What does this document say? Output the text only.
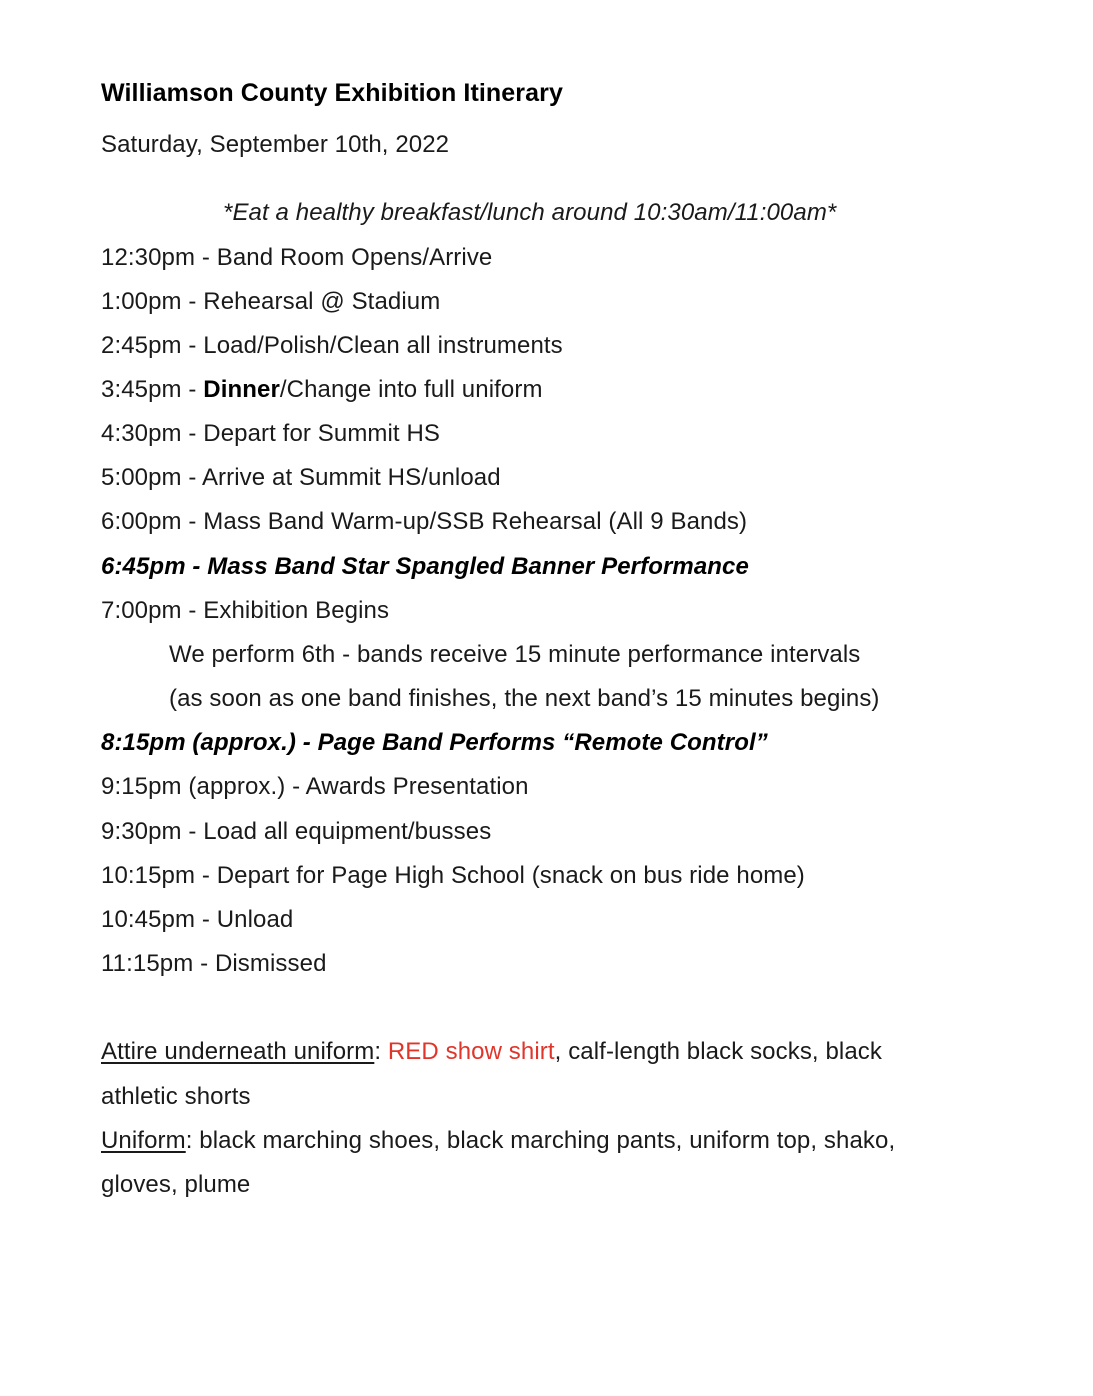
Williamson County Exhibition Itinerary
Saturday, September 10th, 2022
*Eat a healthy breakfast/lunch around 10:30am/11:00am*
12:30pm - Band Room Opens/Arrive
1:00pm - Rehearsal @ Stadium
2:45pm - Load/Polish/Clean all instruments
3:45pm - Dinner/Change into full uniform
4:30pm - Depart for Summit HS
5:00pm - Arrive at Summit HS/unload
6:00pm - Mass Band Warm-up/SSB Rehearsal (All 9 Bands)
6:45pm - Mass Band Star Spangled Banner Performance
7:00pm - Exhibition Begins
We perform 6th - bands receive 15 minute performance intervals
(as soon as one band finishes, the next band’s 15 minutes begins)
8:15pm (approx.) - Page Band Performs “Remote Control”
9:15pm (approx.) - Awards Presentation
9:30pm - Load all equipment/busses
10:15pm - Depart for Page High School (snack on bus ride home)
10:45pm - Unload
11:15pm - Dismissed
Attire underneath uniform: RED show shirt, calf-length black socks, black
athletic shorts
Uniform: black marching shoes, black marching pants, uniform top, shako,
gloves, plume
